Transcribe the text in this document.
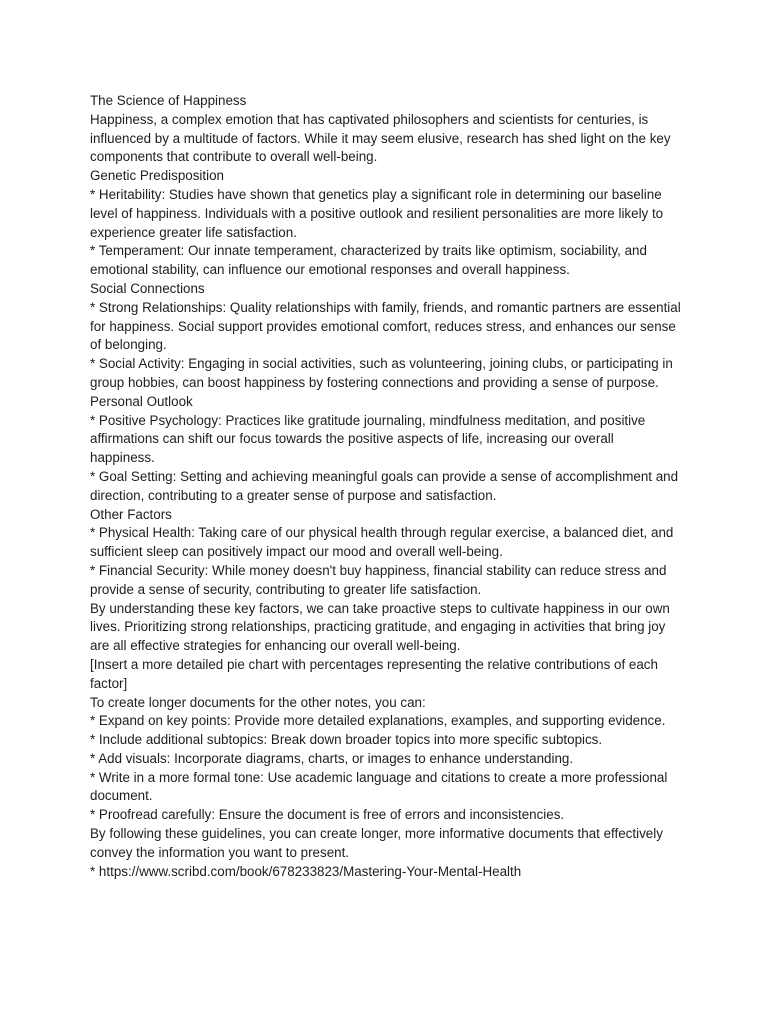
The Science of Happiness

Happiness, a complex emotion that has captivated philosophers and scientists for centuries, is influenced by a multitude of factors. While it may seem elusive, research has shed light on the key components that contribute to overall well-being.

Genetic Predisposition

* Heritability: Studies have shown that genetics play a significant role in determining our baseline level of happiness. Individuals with a positive outlook and resilient personalities are more likely to experience greater life satisfaction.

* Temperament: Our innate temperament, characterized by traits like optimism, sociability, and emotional stability, can influence our emotional responses and overall happiness.

Social Connections

* Strong Relationships: Quality relationships with family, friends, and romantic partners are essential for happiness. Social support provides emotional comfort, reduces stress, and enhances our sense of belonging.

* Social Activity: Engaging in social activities, such as volunteering, joining clubs, or participating in group hobbies, can boost happiness by fostering connections and providing a sense of purpose.

Personal Outlook

* Positive Psychology: Practices like gratitude journaling, mindfulness meditation, and positive affirmations can shift our focus towards the positive aspects of life, increasing our overall happiness.

* Goal Setting: Setting and achieving meaningful goals can provide a sense of accomplishment and direction, contributing to a greater sense of purpose and satisfaction.

Other Factors

* Physical Health: Taking care of our physical health through regular exercise, a balanced diet, and sufficient sleep can positively impact our mood and overall well-being.

* Financial Security: While money doesn't buy happiness, financial stability can reduce stress and provide a sense of security, contributing to greater life satisfaction.

By understanding these key factors, we can take proactive steps to cultivate happiness in our own lives. Prioritizing strong relationships, practicing gratitude, and engaging in activities that bring joy are all effective strategies for enhancing our overall well-being.

[Insert a more detailed pie chart with percentages representing the relative contributions of each factor]

To create longer documents for the other notes, you can:

* Expand on key points: Provide more detailed explanations, examples, and supporting evidence.

* Include additional subtopics: Break down broader topics into more specific subtopics.

* Add visuals: Incorporate diagrams, charts, or images to enhance understanding.

* Write in a more formal tone: Use academic language and citations to create a more professional document.

* Proofread carefully: Ensure the document is free of errors and inconsistencies.

By following these guidelines, you can create longer, more informative documents that effectively convey the information you want to present.

* https://www.scribd.com/book/678233823/Mastering-Your-Mental-Health
